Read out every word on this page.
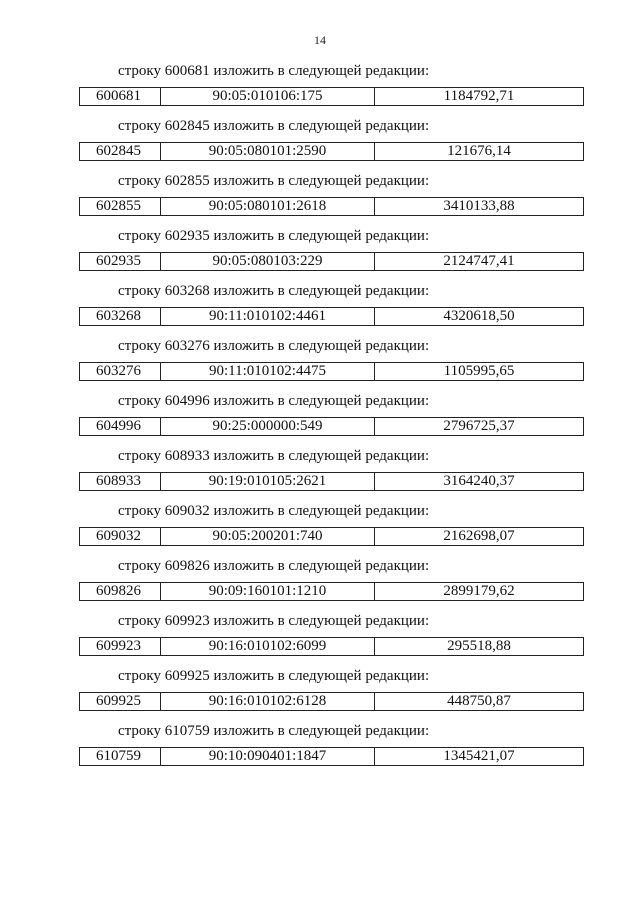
14
строку 600681 изложить в следующей редакции:
600681	90:05:010106:175	1184792,71
строку 602845 изложить в следующей редакции:
602845	90:05:080101:2590	121676,14
строку 602855 изложить в следующей редакции:
602855	90:05:080101:2618	3410133,88
строку 602935 изложить в следующей редакции:
602935	90:05:080103:229	2124747,41
строку 603268 изложить в следующей редакции:
603268	90:11:010102:4461	4320618,50
строку 603276 изложить в следующей редакции:
603276	90:11:010102:4475	1105995,65
строку 604996 изложить в следующей редакции:
604996	90:25:000000:549	2796725,37
строку 608933 изложить в следующей редакции:
608933	90:19:010105:2621	3164240,37
строку 609032 изложить в следующей редакции:
609032	90:05:200201:740	2162698,07
строку 609826 изложить в следующей редакции:
609826	90:09:160101:1210	2899179,62
строку 609923 изложить в следующей редакции:
609923	90:16:010102:6099	295518,88
строку 609925 изложить в следующей редакции:
609925	90:16:010102:6128	448750,87
строку 610759 изложить в следующей редакции:
610759	90:10:090401:1847	1345421,07
